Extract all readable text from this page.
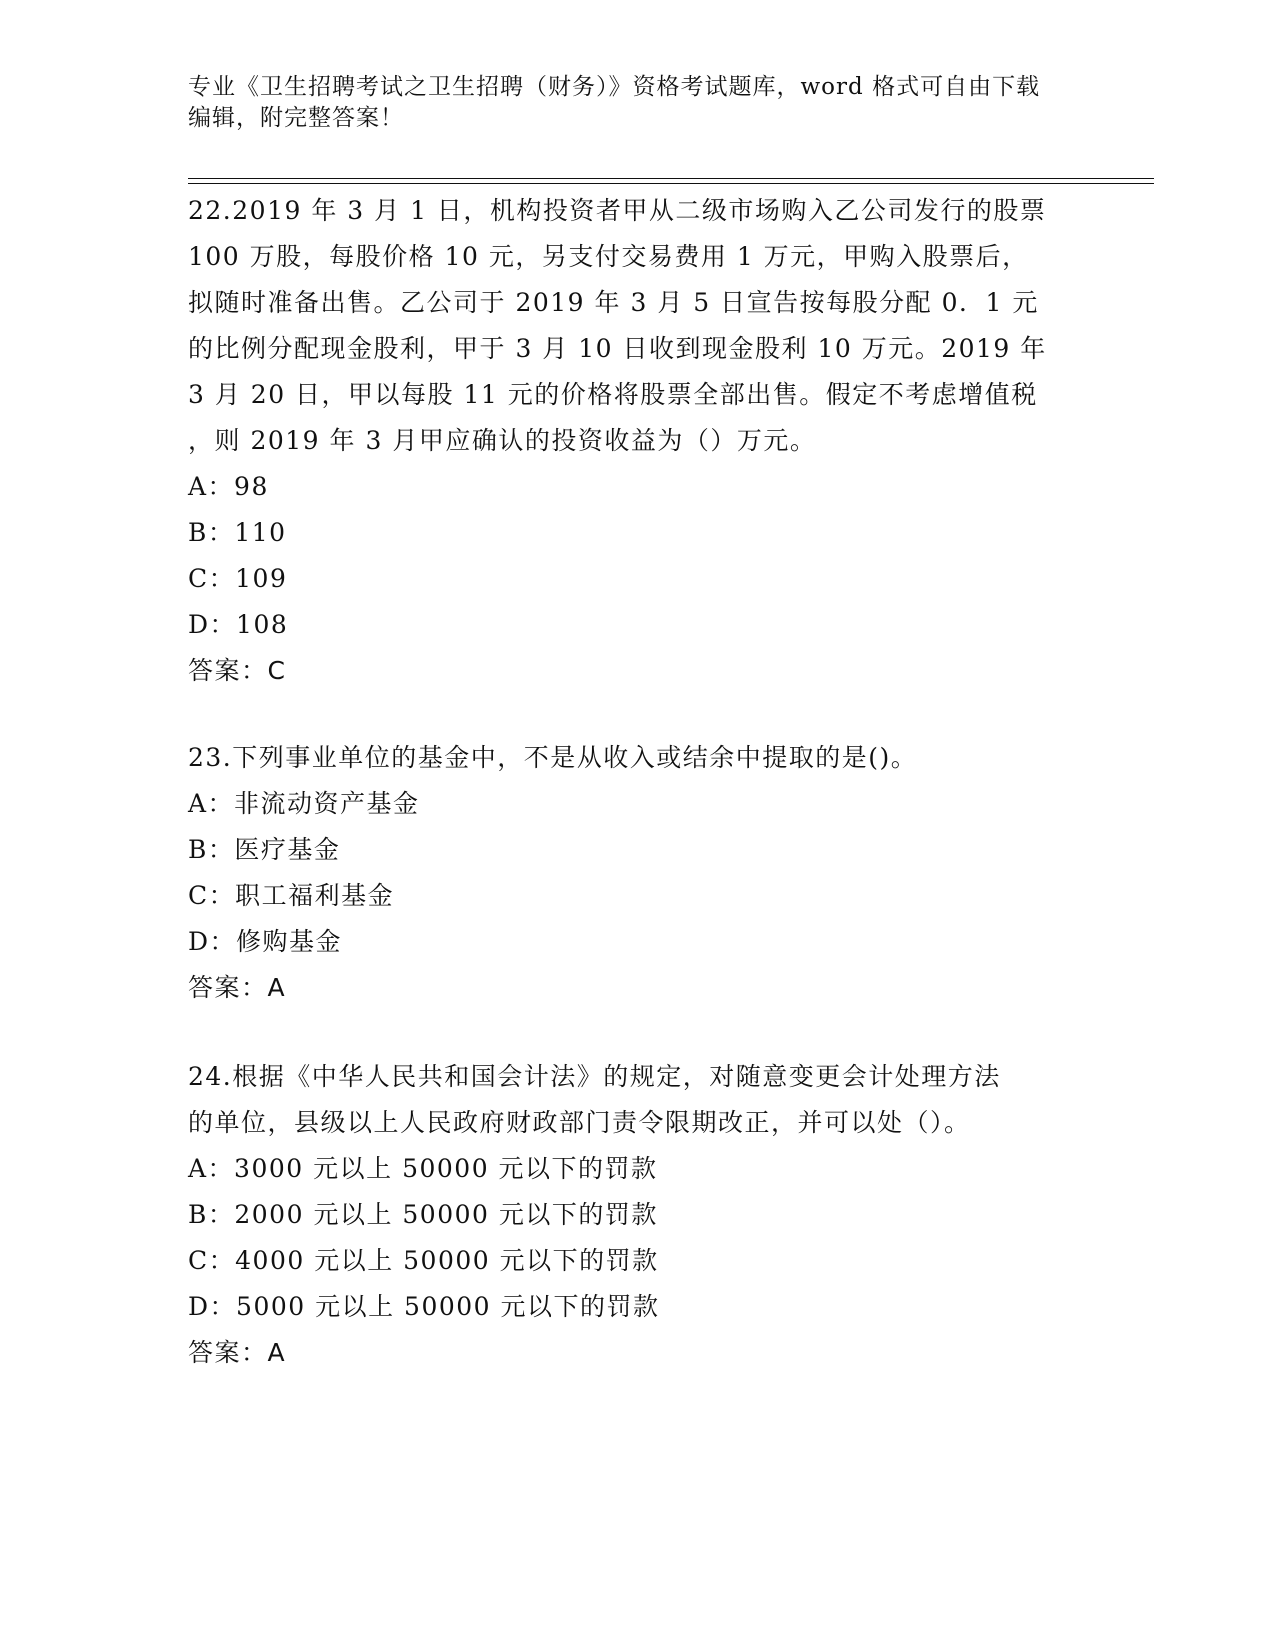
专业《卫生招聘考试之卫生招聘（财务）》资格考试题库，word 格式可自由下载
编辑，附完整答案！
22.2019 年 3 月 1 日，机构投资者甲从二级市场购入乙公司发行的股票
100 万股，每股价格 10 元，另支付交易费用 1 万元，甲购入股票后，
拟随时准备出售。乙公司于 2019 年 3 月 5 日宣告按每股分配 0．1 元
的比例分配现金股利，甲于 3 月 10 日收到现金股利 10 万元。2019 年
3 月 20 日，甲以每股 11 元的价格将股票全部出售。假定不考虑增值税
，则 2019 年 3 月甲应确认的投资收益为（）万元。
A：98
B：110
C：109
D：108
答案：C
23.下列事业单位的基金中，不是从收入或结余中提取的是()。
A：非流动资产基金
B：医疗基金
C：职工福利基金
D：修购基金
答案：A
24.根据《中华人民共和国会计法》的规定，对随意变更会计处理方法
的单位，县级以上人民政府财政部门责令限期改正，并可以处（）。
A：3000 元以上 50000 元以下的罚款
B：2000 元以上 50000 元以下的罚款
C：4000 元以上 50000 元以下的罚款
D：5000 元以上 50000 元以下的罚款
答案：A
